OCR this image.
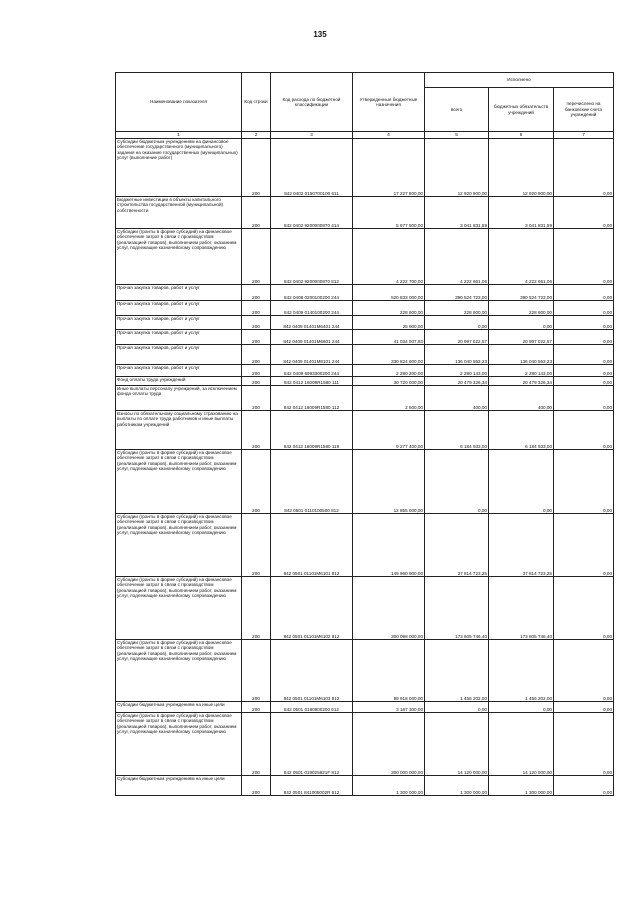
135
Наименование показателя	Код строки	Код расхода по бюджетной классификации	Утвержденные бюджетные назначения	Исполнено		
				всего	бюджетных обязательств учреждений	перечислено на банковские счета учреждений
1	2	3	4	5	6	7
Субсидии бюджетным учреждениям на финансовое обеспечение государственного (муниципального) задания на оказание государственных (муниципальных) услуг (выполнение работ)	200	842 0402 0150700100 611	17 227 800,00	12 920 900,00	12 920 900,00	0,00
Бюджетные инвестиции в объекты капитального строительства государственной (муниципальной) собственности	200	842 0402 9200000870 414	5 677 500,00	3 041 831,59	3 041 831,59	0,00
Субсидии (гранты в форме субсидий) на финансовое обеспечение затрат в связи с производством (реализацией товаров), выполнением работ, оказанием услуг, подлежащие казначейскому сопровождению	200	842 0402 9200000870 812	4 222 700,00	4 222 661,06	4 222 661,06	0,00
Прочая закупка товаров, работ и услуг	200	842 0408 0200100200 244	520 833 000,00	390 524 723,00	390 524 723,00	0,00
Прочая закупка товаров, работ и услуг	200	842 0409 0140100200 244	228 600,00	228 600,00	228 600,00	0,00
Прочая закупка товаров, работ и услуг	200	842 0409 01401М6401 244	25 900,00	0,00	0,00	0,00
Прочая закупка товаров, работ и услуг	200	842 0409 01401М6601 244	41 034 007,93	20 997 022,57	20 997 022,57	0,00
Прочая закупка товаров, работ и услуг	200	842 0409 01401М8101 244	330 824 600,00	136 040 553,23	136 040 553,23	0,00
Прочая закупка товаров, работ и услуг	200	842 0409 6993300200 244	2 280 200,00	2 280 143,00	2 280 143,00	0,00
Фонд оплаты труда учреждений	200	842 0412 16009R1580 111	30 720 000,00	20 479 326,34	20 479 326,34	0,00
Иные выплаты персоналу учреждений, за исключением фонда оплаты труда	200	842 0412 16009R1580 112	2 600,00	400,00	400,00	0,00
Взносы по обязательному социальному страхованию на выплаты по оплате труда работников и иные выплаты работникам учреждений	200	842 0412 16009R1580 119	9 277 400,00	6 184 933,00	6 184 933,00	0,00
Субсидии (гранты в форме субсидий) на финансовое обеспечение затрат в связи с производством (реализацией товаров), выполнением работ, оказанием услуг, подлежащие казначейскому сопровождению	200	842 0501 0110100500 812	12 855 000,00	0,00	0,00	0,00
Субсидии (гранты в форме субсидий) на финансовое обеспечение затрат в связи с производством (реализацией товаров), выполнением работ, оказанием услуг, подлежащие казначейскому сопровождению	200	842 0501 01101М6101 812	149 960 900,00	37 814 723,25	37 814 723,25	0,00
Субсидии (гранты в форме субсидий) на финансовое обеспечение затрат в связи с производством (реализацией товаров), выполнением работ, оказанием услуг, подлежащие казначейскому сопровождению	200	842 0501 01101М6102 812	300 098 000,00	173 605 746,40	173 605 746,40	0,00
Субсидии (гранты в форме субсидий) на финансовое обеспечение затрат в связи с производством (реализацией товаров), выполнением работ, оказанием услуг, подлежащие казначейскому сопровождению	200	842 0501 01101М6103 812	99 918 000,00	1 456 202,00	1 456 202,00	0,00
Субсидии бюджетным учреждениям на иные цели	200	842 0501 0180900200 612	3 187 300,00	0,00	0,00	0,00
Субсидии (гранты в форме субсидий) на финансовое обеспечение затрат в связи с производством (реализацией товаров), выполнением работ, оказанием услуг, подлежащие казначейскому сопровождению	200	842 0501 019025821F 812	300 000 000,00	14 120 000,00	14 120 000,00	0,00
Субсидии бюджетным учреждениям на иные цели	200	842 0501 841005002R 612	1 300 000,00	1 300 000,00	1 300 000,00	0,00
